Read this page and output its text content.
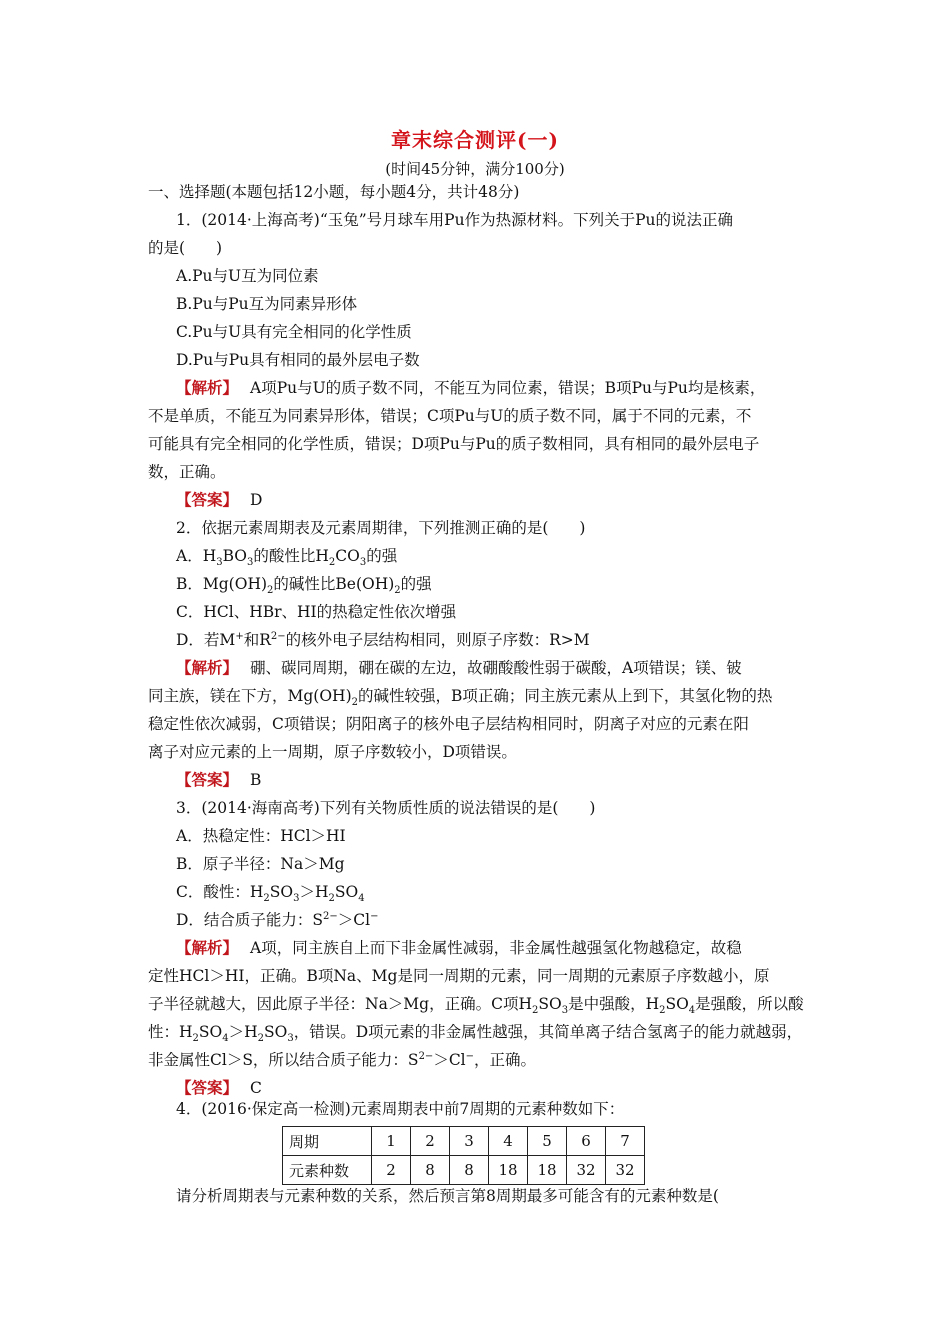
章末综合测评(一)
(时间45分钟，满分100分)
一、选择题(本题包括12小题，每小题4分，共计48分)
1．(2014·上海高考)“玉兔”号月球车用Pu作为热源材料。下列关于Pu的说法正确
的是(　　)
A.Pu与U互为同位素
B.Pu与Pu互为同素异形体
C.Pu与U具有完全相同的化学性质
D.Pu与Pu具有相同的最外层电子数
【解析】 A项Pu与U的质子数不同，不能互为同位素，错误；B项Pu与Pu均是核素，
不是单质，不能互为同素异形体，错误；C项Pu与U的质子数不同，属于不同的元素，不
可能具有完全相同的化学性质，错误；D项Pu与Pu的质子数相同，具有相同的最外层电子
数，正确。
【答案】 D
2．依据元素周期表及元素周期律，下列推测正确的是(　　)
A．$H_3BO_3$的酸性比$H_2CO_3$的强
B．$Mg(OH)_2$的碱性比$Be(OH)_2$的强
C．HCl、HBr、HI的热稳定性依次增强
D．若M+和$R^{2-}$的核外电子层结构相同，则原子序数：R>M
【解析】 硼、碳同周期，硼在碳的左边，故硼酸酸性弱于碳酸，A项错误；镁、铍
同主族，镁在下方，$Mg(OH)_2$的碱性较强，B项正确；同主族元素从上到下，其氢化物的热
稳定性依次减弱，C项错误；阴阳离子的核外电子层结构相同时，阴离子对应的元素在阳
离子对应元素的上一周期，原子序数较小，D项错误。
【答案】 B
3．(2014·海南高考)下列有关物质性质的说法错误的是(　　)
A．热稳定性：HCl＞HI
B．原子半径：Na＞Mg
C．酸性：$H_2SO_3>H_2SO_4$
D．结合质子能力：$S^{2-}>Cl^-$
【解析】 A项，同主族自上而下非金属性减弱，非金属性越强氢化物越稳定，故稳
定性HCl＞HI，正确。B项Na、Mg是同一周期的元素，同一周期的元素原子序数越小，原
子半径就越大，因此原子半径：Na＞Mg，正确。C项$H_2SO_3$是中强酸，$H_2SO_4$是强酸，所以酸
性：$H_2SO_4>H_2SO_3$，错误。D项元素的非金属性越强，其简单离子结合氢离子的能力就越弱，
非金属性Cl＞S，所以结合质子能力：$S^{2-}>Cl^-$，正确。
【答案】 C
4．(2016·保定高一检测)元素周期表中前7周期的元素种数如下：
周期	1	2	3	4	5	6	7
元素种数	2	8	8	18	18	32	32
请分析周期表与元素种数的关系，然后预言第8周期最多可能含有的元素种数是(
